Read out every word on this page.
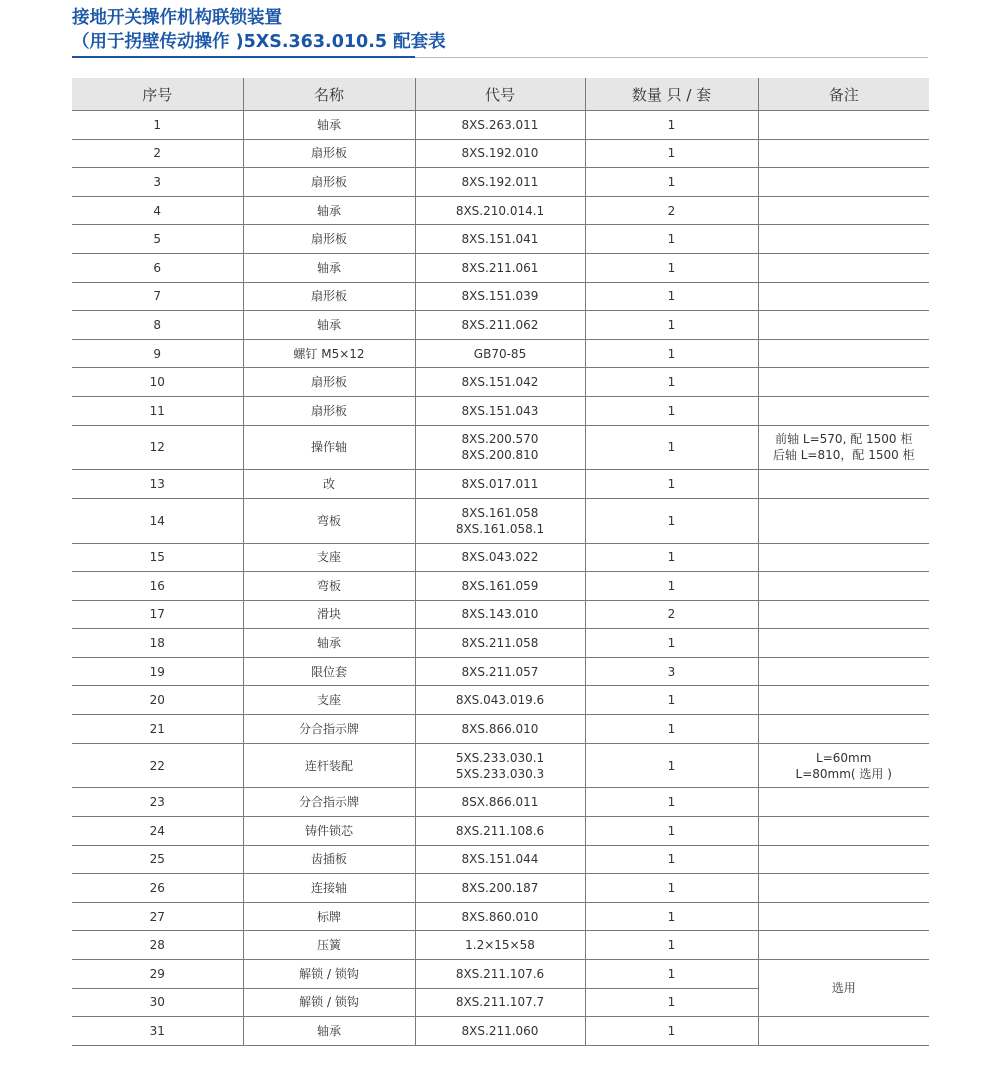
接地开关操作机构联锁装置
（用于拐壁传动操作 )5XS.363.010.5 配套表
序号	名称	代号	数量 只 / 套	备注
1	轴承	8XS.263.011	1	
2	扇形板	8XS.192.010	1	
3	扇形板	8XS.192.011	1	
4	轴承	8XS.210.014.1	2	
5	扇形板	8XS.151.041	1	
6	轴承	8XS.211.061	1	
7	扇形板	8XS.151.039	1	
8	轴承	8XS.211.062	1	
9	螺钉 M5×12	GB70-85	1	
10	扇形板	8XS.151.042	1	
11	扇形板	8XS.151.043	1	
12	操作轴	8XS.200.570
8XS.200.810	1	前轴 L=570, 配 1500 柜
后轴 L=810，配 1500 柜

13	改	8XS.017.011	1	
14	弯板	8XS.161.058
8XS.161.058.1	1	
15	支座	8XS.043.022	1	
16	弯板	8XS.161.059	1	
17	滑块	8XS.143.010	2	
18	轴承	8XS.211.058	1	
19	限位套	8XS.211.057	3	
20	支座	8XS.043.019.6	1	
21	分合指示牌	8XS.866.010	1	
22	连杆装配	5XS.233.030.1
5XS.233.030.3	1	L=60mm
L=80mm( 选用 )

23	分合指示牌	8SX.866.011	1	
24	铸件锁芯	8XS.211.108.6	1	
25	齿插板	8XS.151.044	1	
26	连接轴	8XS.200.187	1	
27	标牌	8XS.860.010	1	
28	压簧	1.2×15×58	1	
29	解锁 / 锁钩	8XS.211.107.6	1	选用

30	解锁 / 锁钩	8XS.211.107.7	1	
31	轴承	8XS.211.060	1	
